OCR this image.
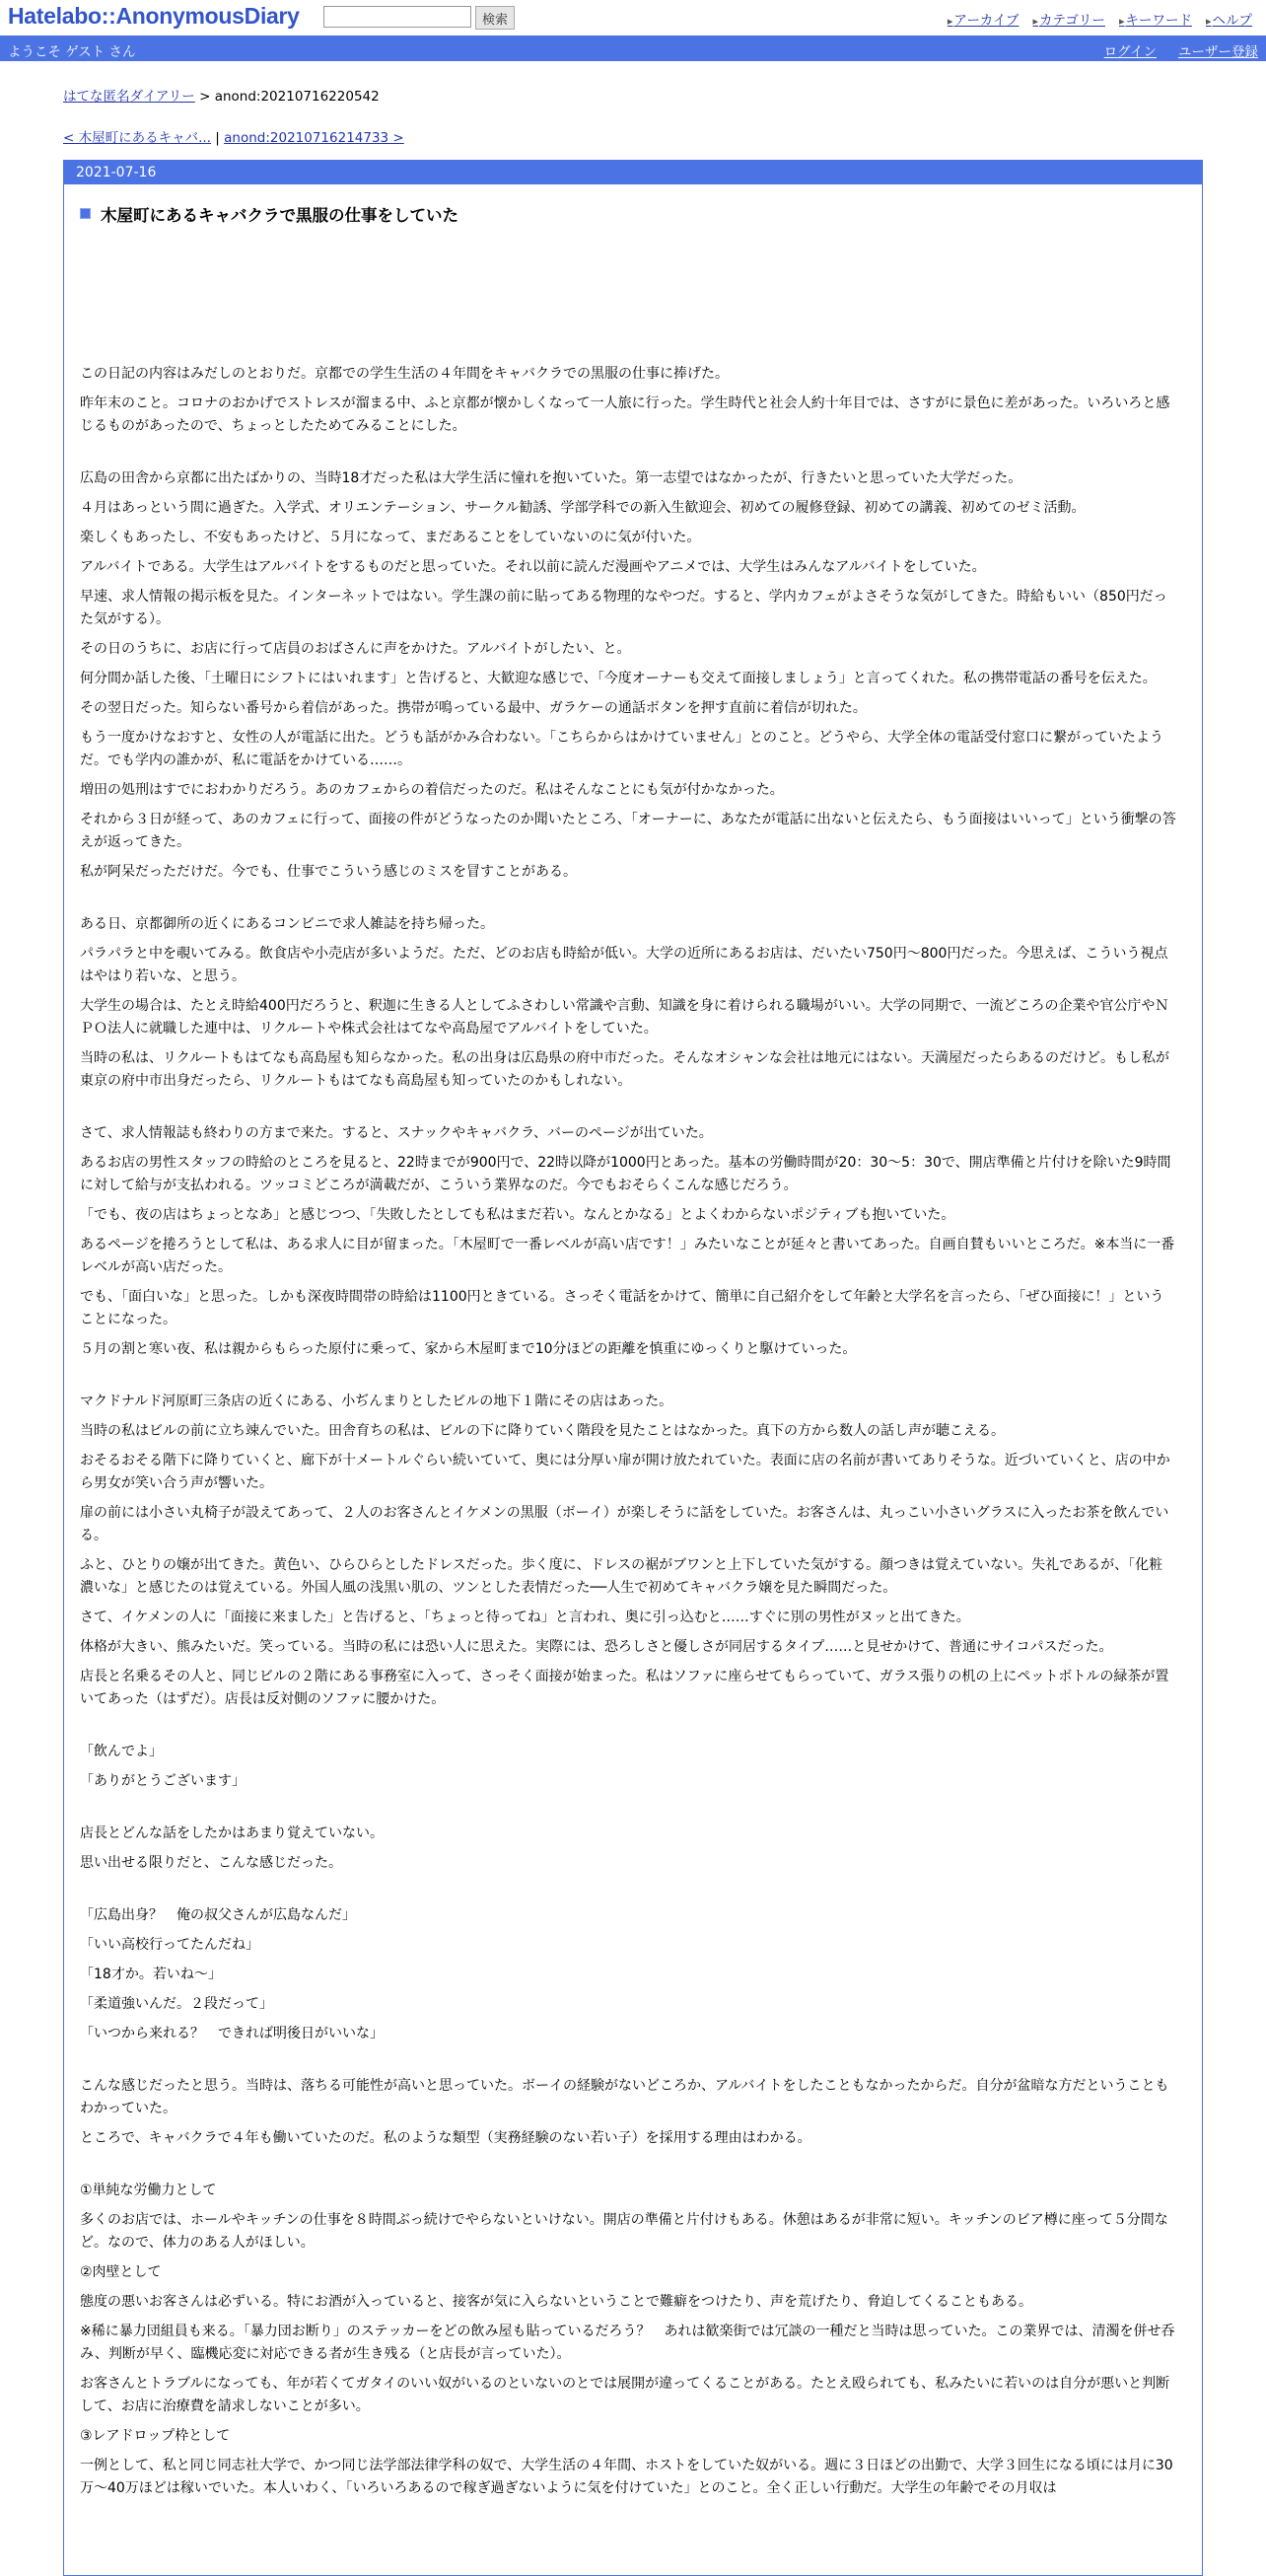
Hatelabo::AnonymousDiary	検索	▸ アーカイブ	▸ カテゴリー	▸ キーワード	▸ ヘルプ
ようこそ ゲスト さん	ログイン ユーザー登録
はてな匿名ダイアリー > anond:20210716220542
< 木屋町にあるキャバ... | anond:20210716214733 >
2021-07-16
木屋町にあるキャバクラで黒服の仕事をしていた

この日記の内容はみだしのとおりだ。京都での学生生活の４年間をキャバクラでの黒服の仕事に捧げた。

昨年末のこと。コロナのおかげでストレスが溜まる中、ふと京都が懐かしくなって一人旅に行った。学生時代と社会人約十年目では、さすがに景色に差があった。いろいろと感じるものがあったので、ちょっとしたためてみることにした。

広島の田舎から京都に出たばかりの、当時18才だった私は大学生活に憧れを抱いていた。第一志望ではなかったが、行きたいと思っていた大学だった。

４月はあっという間に過ぎた。入学式、オリエンテーション、サークル勧誘、学部学科での新入生歓迎会、初めての履修登録、初めての講義、初めてのゼミ活動。

楽しくもあったし、不安もあったけど、５月になって、まだあることをしていないのに気が付いた。

アルバイトである。大学生はアルバイトをするものだと思っていた。それ以前に読んだ漫画やアニメでは、大学生はみんなアルバイトをしていた。

早速、求人情報の掲示板を見た。インターネットではない。学生課の前に貼ってある物理的なやつだ。すると、学内カフェがよさそうな気がしてきた。時給もいい（850円だった気がする）。

その日のうちに、お店に行って店員のおばさんに声をかけた。アルバイトがしたい、と。

何分間か話した後、「土曜日にシフトにはいれます」と告げると、大歓迎な感じで、「今度オーナーも交えて面接しましょう」と言ってくれた。私の携帯電話の番号を伝えた。

その翌日だった。知らない番号から着信があった。携帯が鳴っている最中、ガラケーの通話ボタンを押す直前に着信が切れた。

もう一度かけなおすと、女性の人が電話に出た。どうも話がかみ合わない。「こちらからはかけていません」とのこと。どうやら、大学全体の電話受付窓口に繋がっていたようだ。でも学内の誰かが、私に電話をかけている……。

増田の処刑はすでにおわかりだろう。あのカフェからの着信だったのだ。私はそんなことにも気が付かなかった。

それから３日が経って、あのカフェに行って、面接の件がどうなったのか聞いたところ、「オーナーに、あなたが電話に出ないと伝えたら、もう面接はいいって」という衝撃の答えが返ってきた。

私が阿呆だっただけだ。今でも、仕事でこういう感じのミスを冒すことがある。

ある日、京都御所の近くにあるコンビニで求人雑誌を持ち帰った。

パラパラと中を覗いてみる。飲食店や小売店が多いようだ。ただ、どのお店も時給が低い。大学の近所にあるお店は、だいたい750円～800円だった。今思えば、こういう視点はやはり若いな、と思う。

大学生の場合は、たとえ時給400円だろうと、釈迦に生きる人としてふさわしい常識や言動、知識を身に着けられる職場がいい。大学の同期で、一流どころの企業や官公庁やＮＰＯ法人に就職した連中は、リクルートや株式会社はてなや高島屋でアルバイトをしていた。

当時の私は、リクルートもはてなも高島屋も知らなかった。私の出身は広島県の府中市だった。そんなオシャンな会社は地元にはない。天満屋だったらあるのだけど。もし私が東京の府中市出身だったら、リクルートもはてなも高島屋も知っていたのかもしれない。

さて、求人情報誌も終わりの方まで来た。すると、スナックやキャバクラ、バーのページが出ていた。

あるお店の男性スタッフの時給のところを見ると、22時までが900円で、22時以降が1000円とあった。基本の労働時間が20：30～5：30で、開店準備と片付けを除いた9時間に対して給与が支払われる。ツッコミどころが満載だが、こういう業界なのだ。今でもおそらくこんな感じだろう。

「でも、夜の店はちょっとなあ」と感じつつ、「失敗したとしても私はまだ若い。なんとかなる」とよくわからないポジティブも抱いていた。

あるページを捲ろうとして私は、ある求人に目が留まった。「木屋町で一番レベルが高い店です！」みたいなことが延々と書いてあった。自画自賛もいいところだ。※本当に一番レベルが高い店だった。

でも、「面白いな」と思った。しかも深夜時間帯の時給は1100円ときている。さっそく電話をかけて、簡単に自己紹介をして年齢と大学名を言ったら、「ぜひ面接に！」ということになった。

５月の割と寒い夜、私は親からもらった原付に乗って、家から木屋町まで10分ほどの距離を慎重にゆっくりと駆けていった。

マクドナルド河原町三条店の近くにある、小ぢんまりとしたビルの地下１階にその店はあった。

当時の私はビルの前に立ち竦んでいた。田舎育ちの私は、ビルの下に降りていく階段を見たことはなかった。真下の方から数人の話し声が聴こえる。

おそるおそる階下に降りていくと、廊下が十メートルぐらい続いていて、奥には分厚い扉が開け放たれていた。表面に店の名前が書いてありそうな。近づいていくと、店の中から男女が笑い合う声が響いた。

扉の前には小さい丸椅子が設えてあって、２人のお客さんとイケメンの黒服（ボーイ）が楽しそうに話をしていた。お客さんは、丸っこい小さいグラスに入ったお茶を飲んでいる。

ふと、ひとりの嬢が出てきた。黄色い、ひらひらとしたドレスだった。歩く度に、ドレスの裾がブワンと上下していた気がする。顔つきは覚えていない。失礼であるが、「化粧濃いな」と感じたのは覚えている。外国人風の浅黒い肌の、ツンとした表情だった──人生で初めてキャバクラ嬢を見た瞬間だった。

さて、イケメンの人に「面接に来ました」と告げると、「ちょっと待ってね」と言われ、奥に引っ込むと……すぐに別の男性がヌッと出てきた。

体格が大きい、熊みたいだ。笑っている。当時の私には恐い人に思えた。実際には、恐ろしさと優しさが同居するタイプ……と見せかけて、普通にサイコパスだった。

店長と名乗るその人と、同じビルの２階にある事務室に入って、さっそく面接が始まった。私はソファに座らせてもらっていて、ガラス張りの机の上にペットボトルの緑茶が置いてあった（はずだ）。店長は反対側のソファに腰かけた。

「飲んでよ」

「ありがとうございます」

店長とどんな話をしたかはあまり覚えていない。

思い出せる限りだと、こんな感じだった。

「広島出身？　俺の叔父さんが広島なんだ」

「いい高校行ってたんだね」

「18才か。若いね～」

「柔道強いんだ。２段だって」

「いつから来れる？　できれば明後日がいいな」

こんな感じだったと思う。当時は、落ちる可能性が高いと思っていた。ボーイの経験がないどころか、アルバイトをしたこともなかったからだ。自分が盆暗な方だということもわかっていた。

ところで、キャバクラで４年も働いていたのだ。私のような類型（実務経験のない若い子）を採用する理由はわかる。

①単純な労働力として

多くのお店では、ホールやキッチンの仕事を８時間ぶっ続けでやらないといけない。開店の準備と片付けもある。休憩はあるが非常に短い。キッチンのビア樽に座って５分間など。なので、体力のある人がほしい。

②肉壁として

態度の悪いお客さんは必ずいる。特にお酒が入っていると、接客が気に入らないということで難癖をつけたり、声を荒げたり、脅迫してくることもある。

※稀に暴力団組員も来る。「暴力団お断り」のステッカーをどの飲み屋も貼っているだろう？　あれは歓楽街では冗談の一種だと当時は思っていた。この業界では、清濁を併せ呑み、判断が早く、臨機応変に対応できる者が生き残る（と店長が言っていた）。

お客さんとトラブルになっても、年が若くてガタイのいい奴がいるのといないのとでは展開が違ってくることがある。たとえ殴られても、私みたいに若いのは自分が悪いと判断して、お店に治療費を請求しないことが多い。

③レアドロップ枠として

一例として、私と同じ同志社大学で、かつ同じ法学部法律学科の奴で、大学生活の４年間、ホストをしていた奴がいる。週に３日ほどの出勤で、大学３回生になる頃には月に30万～40万ほどは稼いでいた。本人いわく、「いろいろあるので稼ぎ過ぎないように気を付けていた」とのこと。全く正しい行動だ。大学生の年齢でその月収は
